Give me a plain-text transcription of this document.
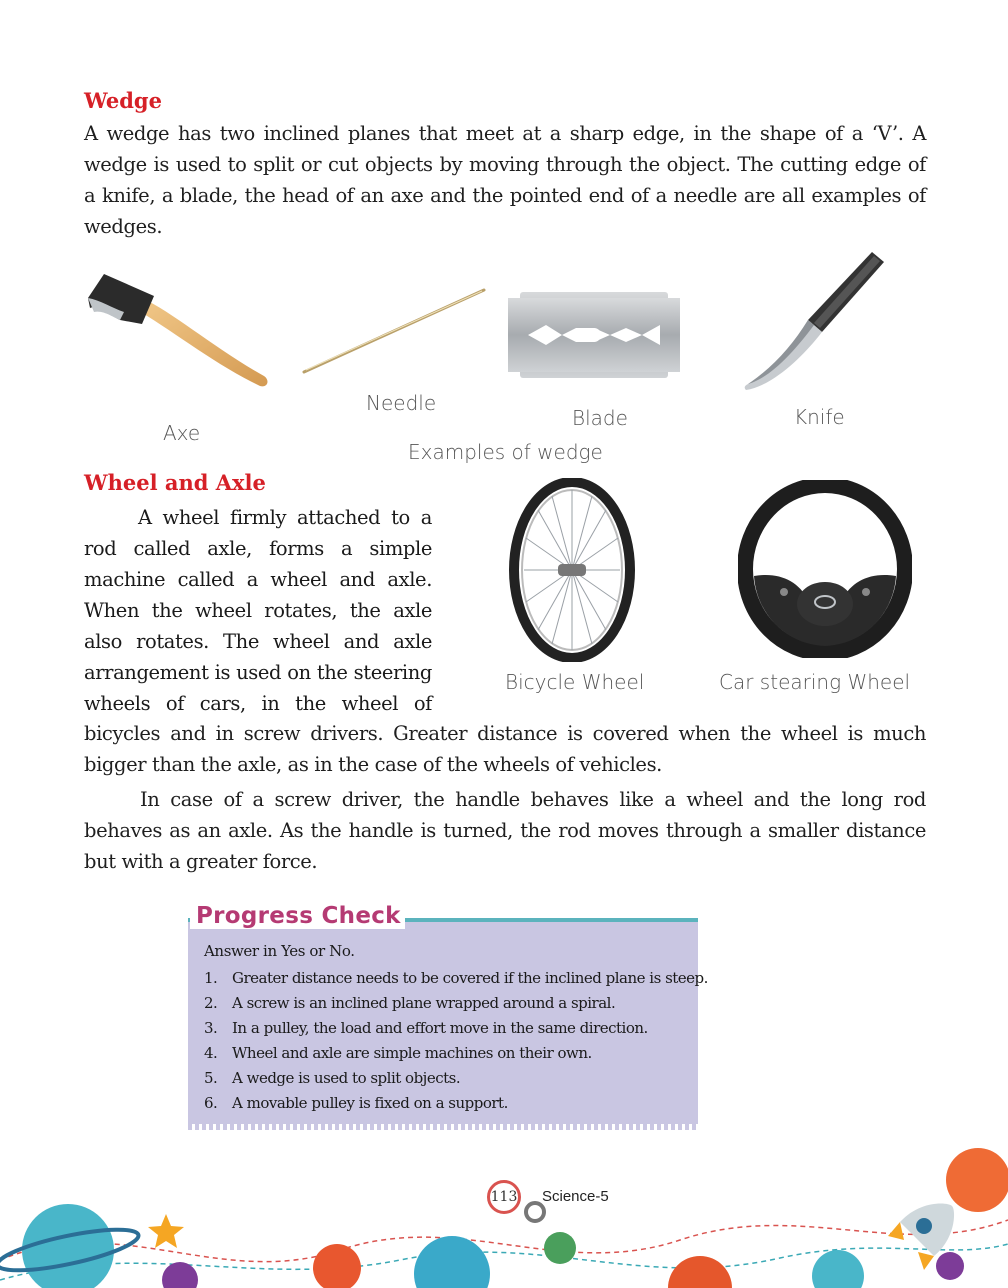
Wedge

A wedge has two inclined planes that meet at a sharp edge, in the shape of a ‘V’. A wedge is used to split or cut objects by moving through the object. The cutting edge of a knife, a blade, the head of an axe and the pointed end of a needle are all examples of wedges.

Axe

Needle

Blade	Knife

Examples of wedge

Wheel and Axle

A wheel firmly attached to a

rod called axle, forms a simple

machine called a wheel and axle.

When the wheel rotates, the axle

also rotates. The wheel and axle

arrangement is used on the steering

wheels of cars, in the wheel of

Bicycle Wheel	Car stearing Wheel

bicycles and in screw drivers. Greater distance is covered when the wheel is much bigger than the axle, as in the case of the wheels of vehicles.

In case of a screw driver, the handle behaves like a wheel and the long rod behaves as an axle. As the handle is turned, the rod moves through a smaller distance but with a greater force.

Progress Check

Answer in Yes or No.

1. Greater distance needs to be covered if the inclined plane is steep.
2. A screw is an inclined plane wrapped around a spiral.
3. In a pulley, the load and effort move in the same direction.
4. Wheel and axle are simple machines on their own.
5. A wedge is used to split objects.
6. A movable pulley is fixed on a support.
113 Science-5
